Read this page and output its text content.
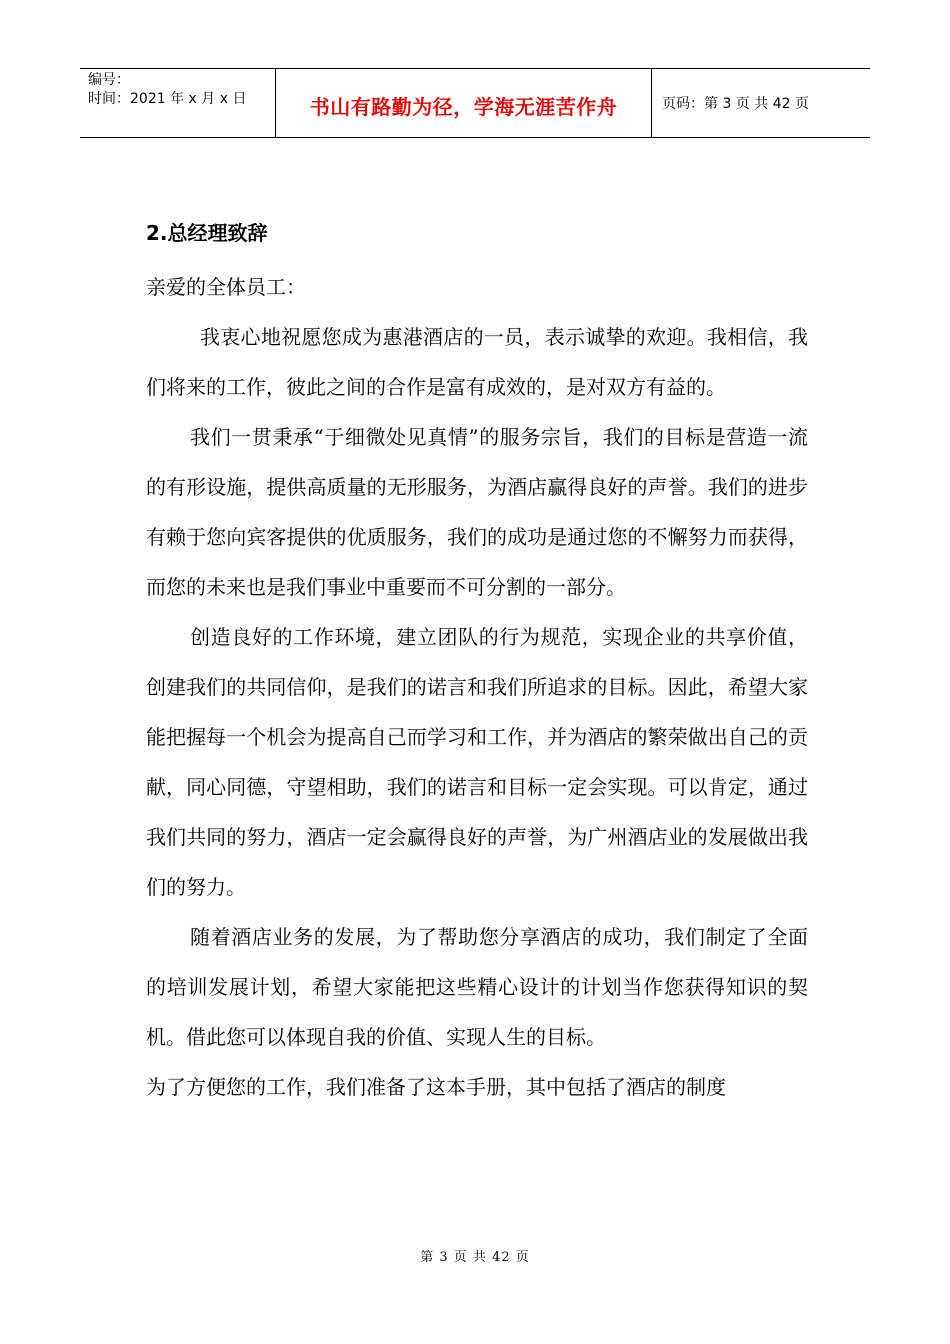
编号：
时间：2021 年 x 月 x 日	书山有路勤为径，学海无涯苦作舟	页码：第 3 页 共 42 页
2.总经理致辞

亲爱的全体员工：

我衷心地祝愿您成为惠港酒店的一员，表示诚挚的欢迎。我相信，我们将来的工作，彼此之间的合作是富有成效的，是对双方有益的。

我们一贯秉承“于细微处见真情”的服务宗旨，我们的目标是营造一流的有形设施，提供高质量的无形服务，为酒店赢得良好的声誉。我们的进步有赖于您向宾客提供的优质服务，我们的成功是通过您的不懈努力而获得，而您的未来也是我们事业中重要而不可分割的一部分。

创造良好的工作环境，建立团队的行为规范，实现企业的共享价值，创建我们的共同信仰，是我们的诺言和我们所追求的目标。因此，希望大家能把握每一个机会为提高自己而学习和工作，并为酒店的繁荣做出自己的贡献，同心同德，守望相助，我们的诺言和目标一定会实现。可以肯定，通过我们共同的努力，酒店一定会赢得良好的声誉，为广州酒店业的发展做出我们的努力。

随着酒店业务的发展，为了帮助您分享酒店的成功，我们制定了全面的培训发展计划，希望大家能把这些精心设计的计划当作您获得知识的契机。借此您可以体现自我的价值、实现人生的目标。

为了方便您的工作，我们准备了这本手册，其中包括了酒店的制度

第 3 页 共 42 页
